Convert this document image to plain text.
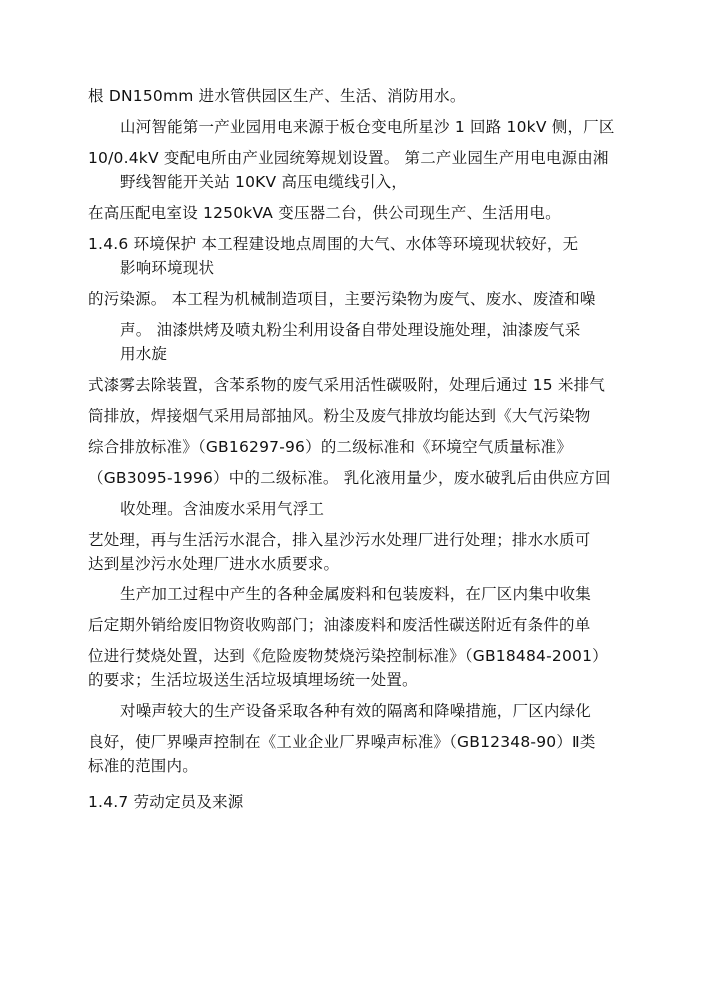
根 DN150mm 进水管供园区生产、生活、消防用水。

山河智能第一产业园用电来源于板仓变电所星沙 1 回路 10kV 侧，厂区

10/0.4kV 变配电所由产业园统筹规划设置。 第二产业园生产用电电源由湘

野线智能开关站 10KV 高压电缆线引入，

在高压配电室设 1250kVA 变压器二台，供公司现生产、生活用电。

1.4.6 环境保护 本工程建设地点周围的大气、水体等环境现状较好，无

影响环境现状

的污染源。 本工程为机械制造项目，主要污染物为废气、废水、废渣和噪

声。 油漆烘烤及喷丸粉尘利用设备自带处理设施处理，油漆废气采

用水旋

式漆雾去除装置，含苯系物的废气采用活性碳吸附，处理后通过 15 米排气

筒排放，焊接烟气采用局部抽风。粉尘及废气排放均能达到《大气污染物

综合排放标准》（GB16297-96）的二级标准和《环境空气质量标准》

（GB3095-1996）中的二级标准。 乳化液用量少，废水破乳后由供应方回

收处理。含油废水采用气浮工

艺处理，再与生活污水混合，排入星沙污水处理厂进行处理；排水水质可

达到星沙污水处理厂进水水质要求。

生产加工过程中产生的各种金属废料和包装废料，在厂区内集中收集

后定期外销给废旧物资收购部门；油漆废料和废活性碳送附近有条件的单

位进行焚烧处置，达到《危险废物焚烧污染控制标准》（GB18484-2001）

的要求；生活垃圾送生活垃圾填埋场统一处置。

对噪声较大的生产设备采取各种有效的隔离和降噪措施，厂区内绿化

良好，使厂界噪声控制在《工业企业厂界噪声标准》（GB12348-90）Ⅱ类

标准的范围内。

1.4.7 劳动定员及来源
